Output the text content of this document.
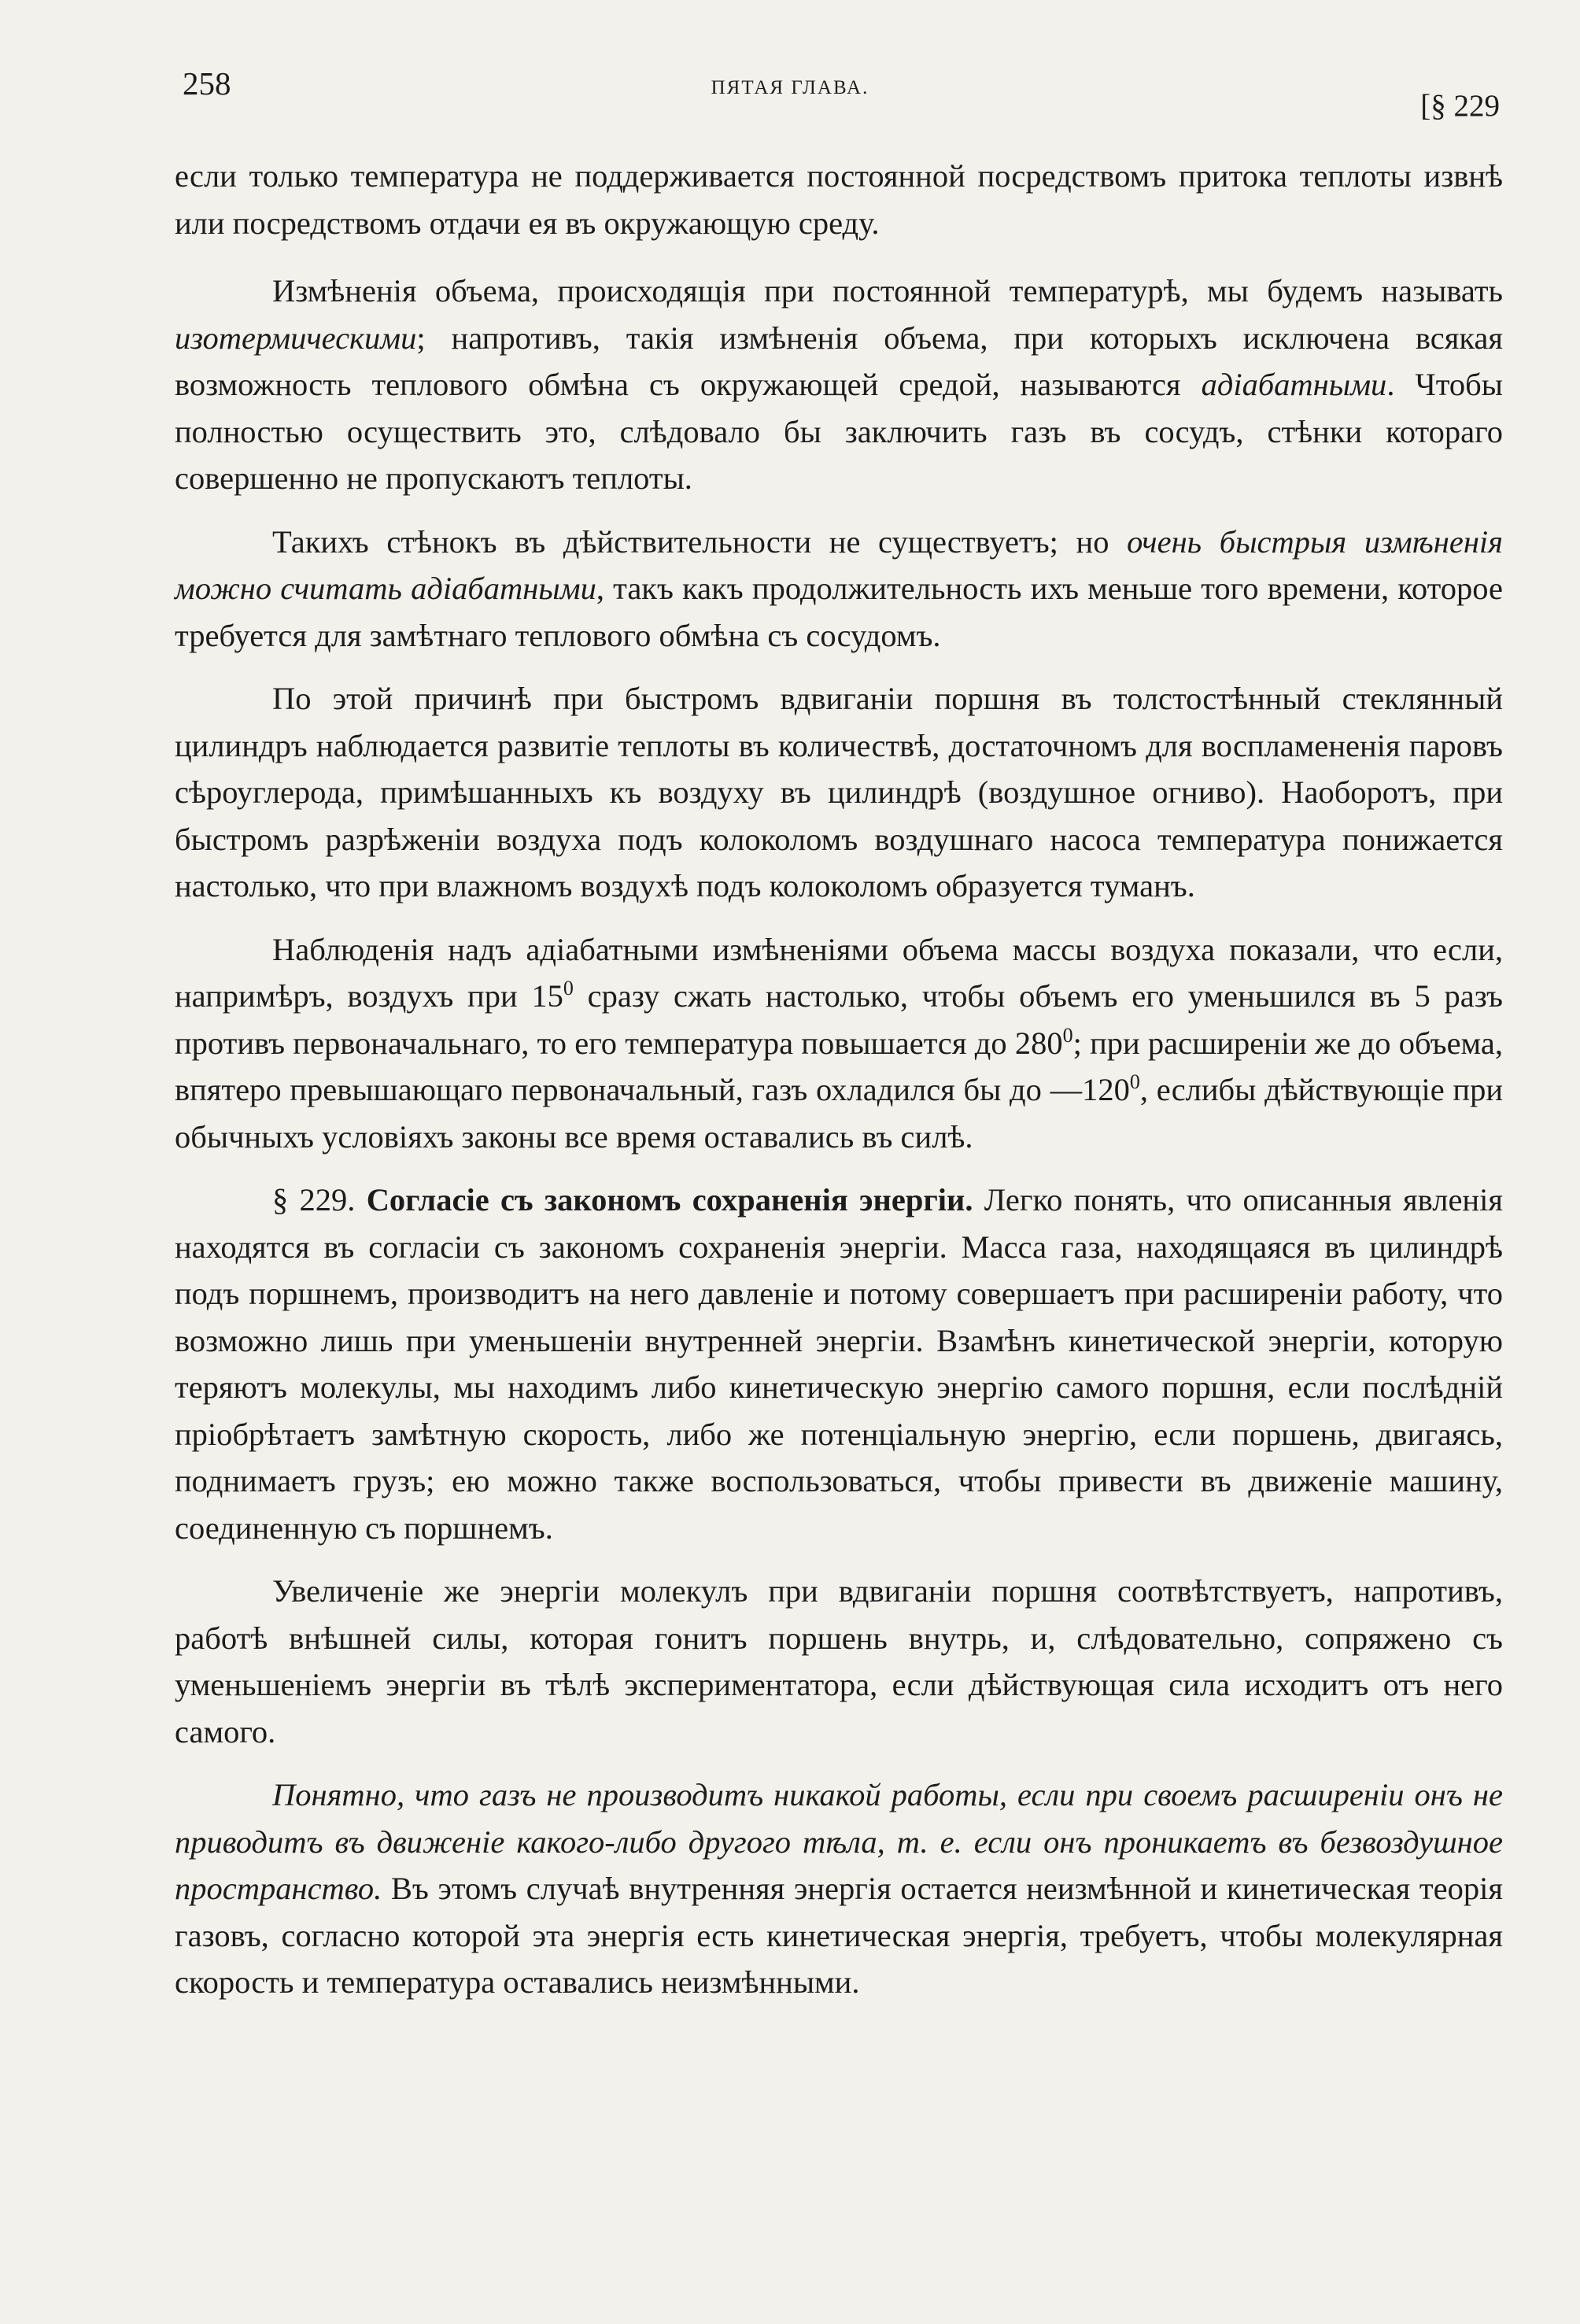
258	ПЯТАЯ ГЛАВА.
[§ 229

если только температура не поддерживается постоянной посредствомъ притока теплоты извнѣ или посредствомъ отдачи ея въ окружающую среду.

Измѣненія объема, происходящія при постоянной температурѣ, мы будемъ называть изотермическими; напротивъ, такія измѣненія объема, при которыхъ исключена всякая возможность теплового обмѣна съ окружающей средой, называются адіабатными. Чтобы полностью осуществить это, слѣдовало бы заключить газъ въ сосудъ, стѣнки котораго совершенно не пропускаютъ теплоты.

Такихъ стѣнокъ въ дѣйствительности не существуетъ; но очень быстрыя измѣненія можно считать адіабатными, такъ какъ продолжительность ихъ меньше того времени, которое требуется для замѣтнаго теплового обмѣна съ сосудомъ.

По этой причинѣ при быстромъ вдвиганіи поршня въ толстостѣнный стеклянный цилиндръ наблюдается развитіе теплоты въ количествѣ, достаточномъ для воспламененія паровъ сѣроуглерода, примѣшанныхъ къ воздуху въ цилиндрѣ (воздушное огниво). Наоборотъ, при быстромъ разрѣженіи воздуха подъ колоколомъ воздушнаго насоса температура понижается настолько, что при влажномъ воздухѣ подъ колоколомъ образуется туманъ.

Наблюденія надъ адіабатными измѣненіями объема массы воздуха показали, что если, напримѣръ, воздухъ при $15^0$ сразу сжать настолько, чтобы объемъ его уменьшился въ 5 разъ противъ первоначальнаго, то его температура повышается до $280^0$; при расширеніи же до объема, впятеро превышающаго первоначальный, газъ охладился бы до $—120^0$, еслибы дѣйствующіе при обычныхъ условіяхъ законы все время оставались въ силѣ.

§ 229. Согласіе съ закономъ сохраненія энергіи. Легко понять, что описанныя явленія находятся въ согласіи съ закономъ сохраненія энергіи. Масса газа, находящаяся въ цилиндрѣ подъ поршнемъ, производитъ на него давленіе и потому совершаетъ при расширеніи работу, что возможно лишь при уменьшеніи внутренней энергіи. Взамѣнъ кинетической энергіи, которую теряютъ молекулы, мы находимъ либо кинетическую энергію самого поршня, если послѣдній пріобрѣтаетъ замѣтную скорость, либо же потенціальную энергію, если поршень, двигаясь, поднимаетъ грузъ; ею можно также воспользоваться, чтобы привести въ движеніе машину, соединенную съ поршнемъ.

Увеличеніе же энергіи молекулъ при вдвиганіи поршня соотвѣтствуетъ, напротивъ, работѣ внѣшней силы, которая гонитъ поршень внутрь, и, слѣдовательно, сопряжено съ уменьшеніемъ энергіи въ тѣлѣ экспериментатора, если дѣйствующая сила исходитъ отъ него самого.

Понятно, что газъ не производитъ никакой работы, если при своемъ расширеніи онъ не приводитъ въ движеніе какого-либо другого тѣла, т. е. если онъ проникаетъ въ безвоздушное пространство. Въ этомъ случаѣ внутренняя энергія остается неизмѣнной и кинетическая теорія газовъ, согласно которой эта энергія есть кинетическая энергія, требуетъ, чтобы молекулярная скорость и температура оставались неизмѣнными.
